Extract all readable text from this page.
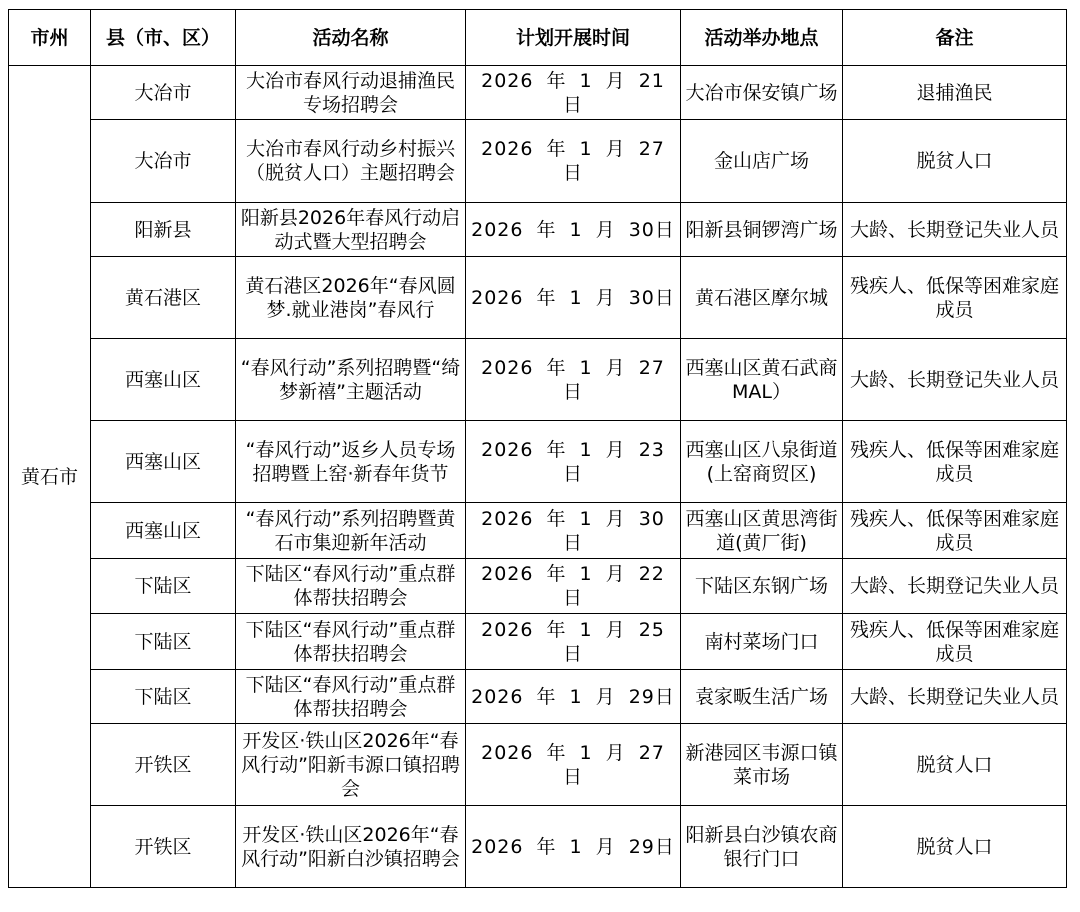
市州	县（市、区）	活动名称	计划开展时间	活动举办地点	备注
黄石市	大冶市	大冶市春风行动退捕渔民专场招聘会	2026 年 1 月 21 日	大冶市保安镇广场	退捕渔民
	大冶市	大冶市春风行动乡村振兴（脱贫人口）主题招聘会	2026 年 1 月 27 日	金山店广场	脱贫人口
	阳新县	阳新县2026年春风行动启动式暨大型招聘会	2026 年 1 月 30日	阳新县铜锣湾广场	大龄、长期登记失业人员
	黄石港区	黄石港区2026年“春风圆梦.就业港岗”春风行	2026 年 1 月 30日	黄石港区摩尔城	残疾人、低保等困难家庭成员
	西塞山区	“春风行动”系列招聘暨“绮梦新禧”主题活动	2026 年 1 月 27 日	西塞山区黄石武商MAL）	大龄、长期登记失业人员
	西塞山区	“春风行动”返乡人员专场招聘暨上窑·新春年货节	2026 年 1 月 23 日	西塞山区八泉街道(上窑商贸区)	残疾人、低保等困难家庭成员
	西塞山区	“春风行动”系列招聘暨黄石市集迎新年活动	2026 年 1 月 30 日	西塞山区黄思湾街道(黄厂街)	残疾人、低保等困难家庭成员
	下陆区	下陆区“春风行动”重点群体帮扶招聘会	2026 年 1 月 22 日	下陆区东钢广场	大龄、长期登记失业人员
	下陆区	下陆区“春风行动”重点群体帮扶招聘会	2026 年 1 月 25 日	南村菜场门口	残疾人、低保等困难家庭成员
	下陆区	下陆区“春风行动”重点群体帮扶招聘会	2026 年 1 月 29日	袁家畈生活广场	大龄、长期登记失业人员
	开铁区	开发区·铁山区2026年“春风行动”阳新韦源口镇招聘会	2026 年 1 月 27 日	新港园区韦源口镇菜市场	脱贫人口
	开铁区	开发区·铁山区2026年“春风行动”阳新白沙镇招聘会	2026 年 1 月 29日	阳新县白沙镇农商银行门口	脱贫人口
